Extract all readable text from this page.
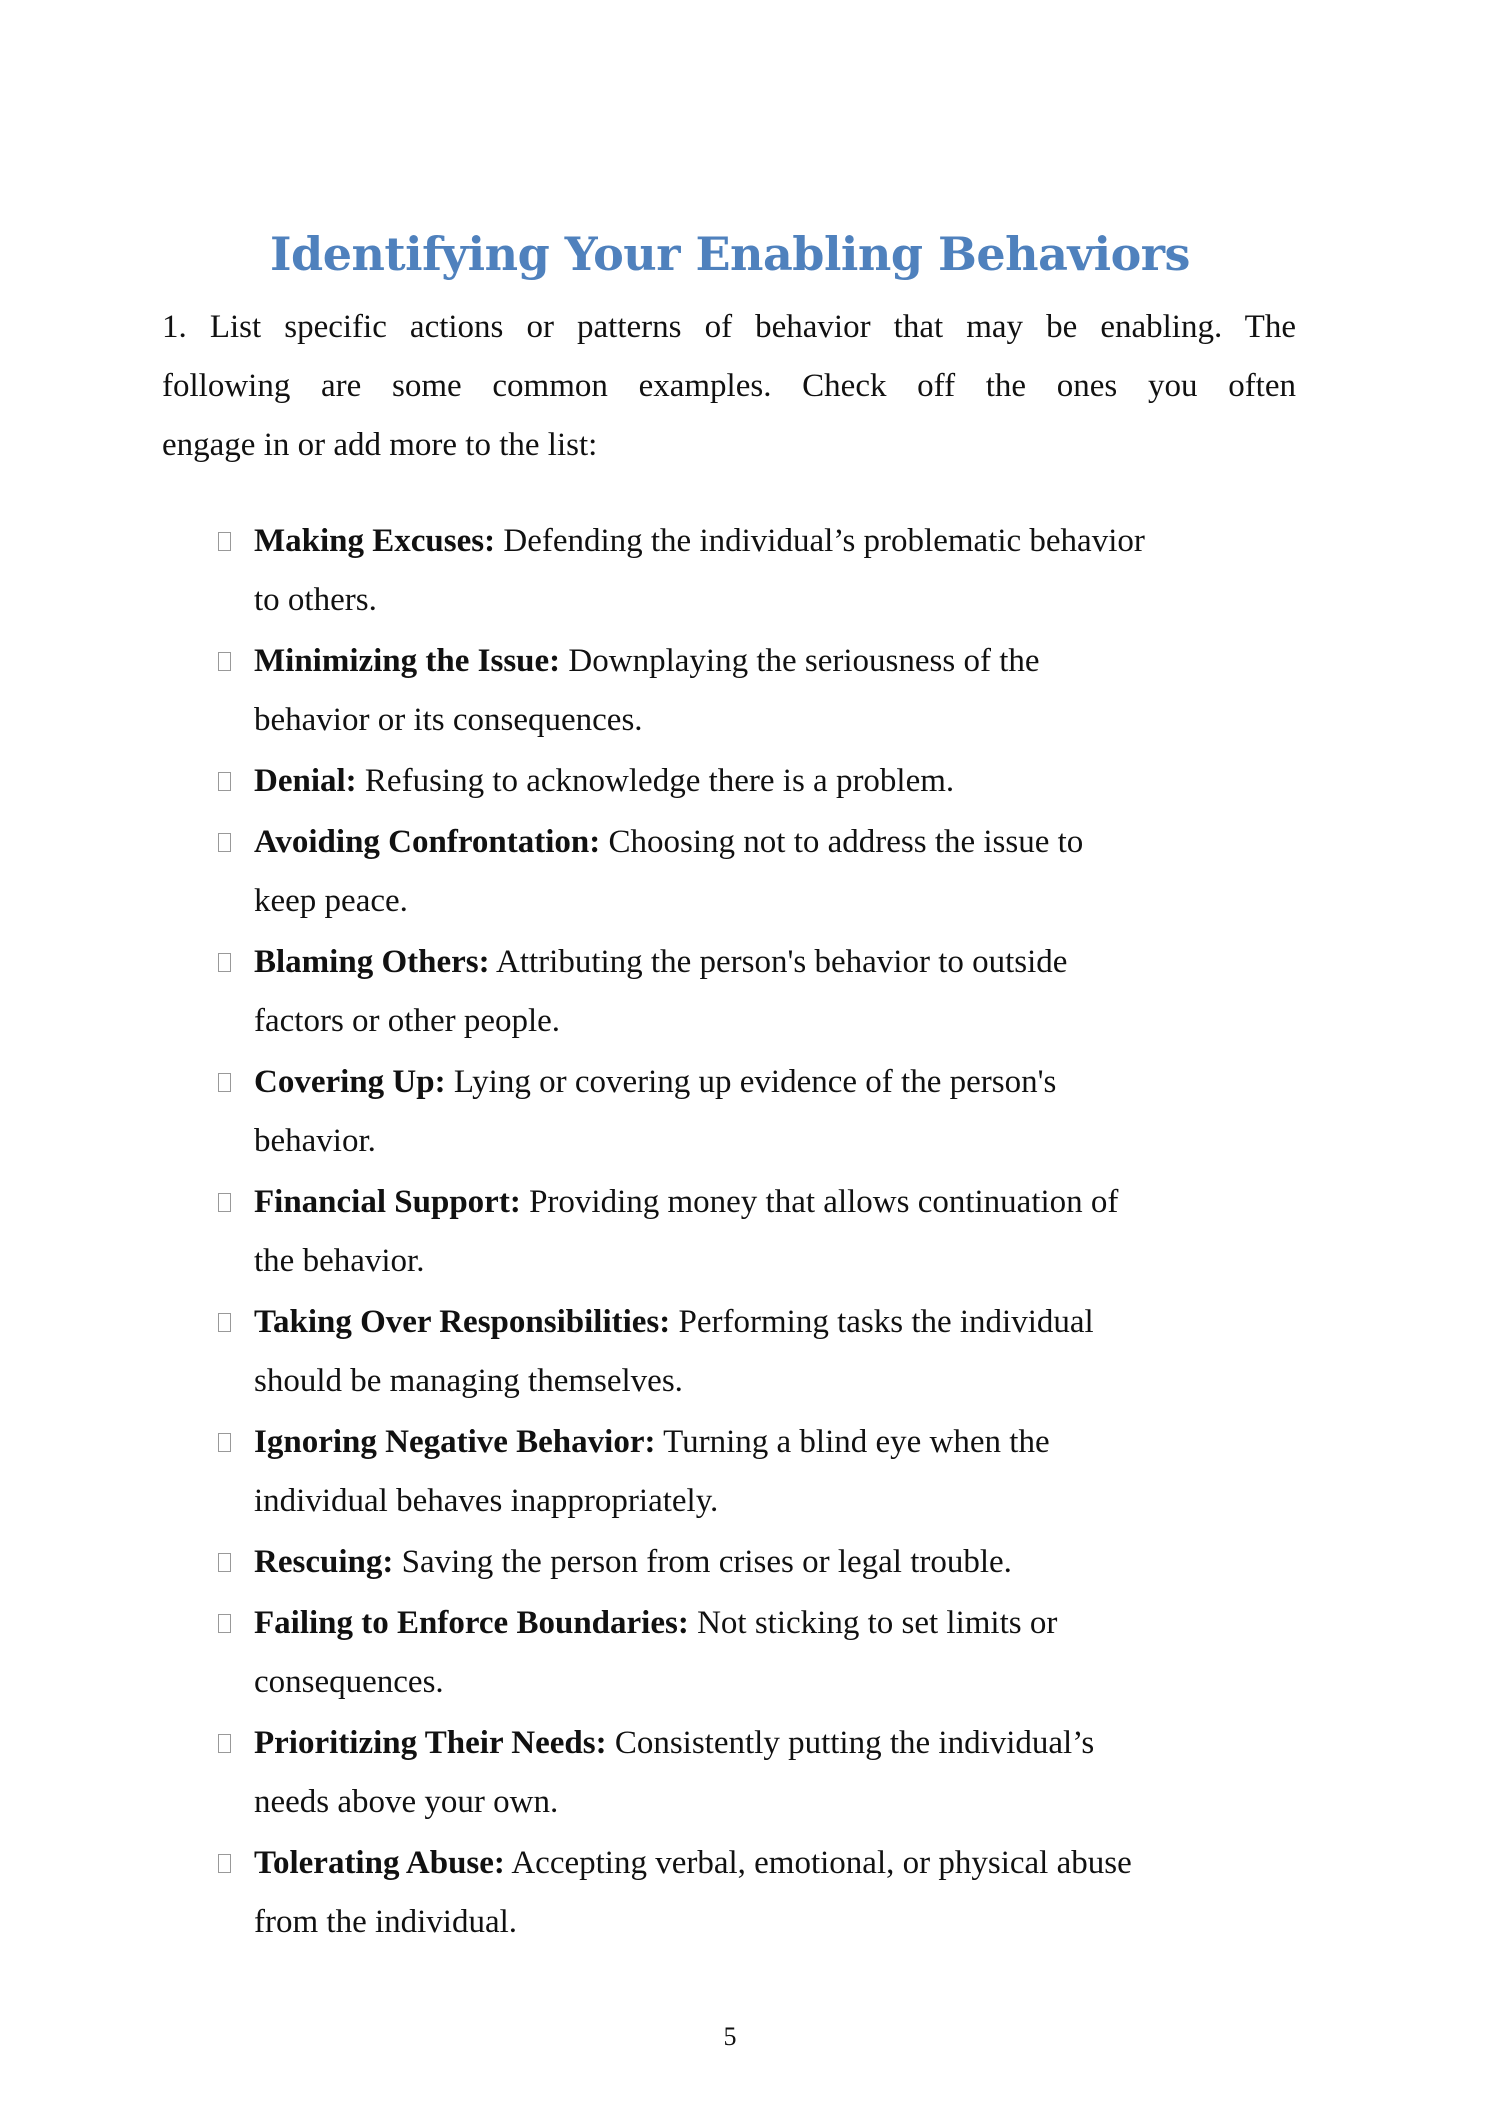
Identifying Your Enabling Behaviors
1. List specific actions or patterns of behavior that may be enabling. The
following are some common examples. Check off the ones you often
engage in or add more to the list:
Making Excuses: Defending the individual’s problematic behavior
to others.
Minimizing the Issue: Downplaying the seriousness of the
behavior or its consequences.
Denial: Refusing to acknowledge there is a problem.
Avoiding Confrontation: Choosing not to address the issue to
keep peace.
Blaming Others: Attributing the person's behavior to outside
factors or other people.
Covering Up: Lying or covering up evidence of the person's
behavior.
Financial Support: Providing money that allows continuation of
the behavior.
Taking Over Responsibilities: Performing tasks the individual
should be managing themselves.
Ignoring Negative Behavior: Turning a blind eye when the
individual behaves inappropriately.
Rescuing: Saving the person from crises or legal trouble.
Failing to Enforce Boundaries: Not sticking to set limits or
consequences.
Prioritizing Their Needs: Consistently putting the individual’s
needs above your own.
Tolerating Abuse: Accepting verbal, emotional, or physical abuse
from the individual.
5
